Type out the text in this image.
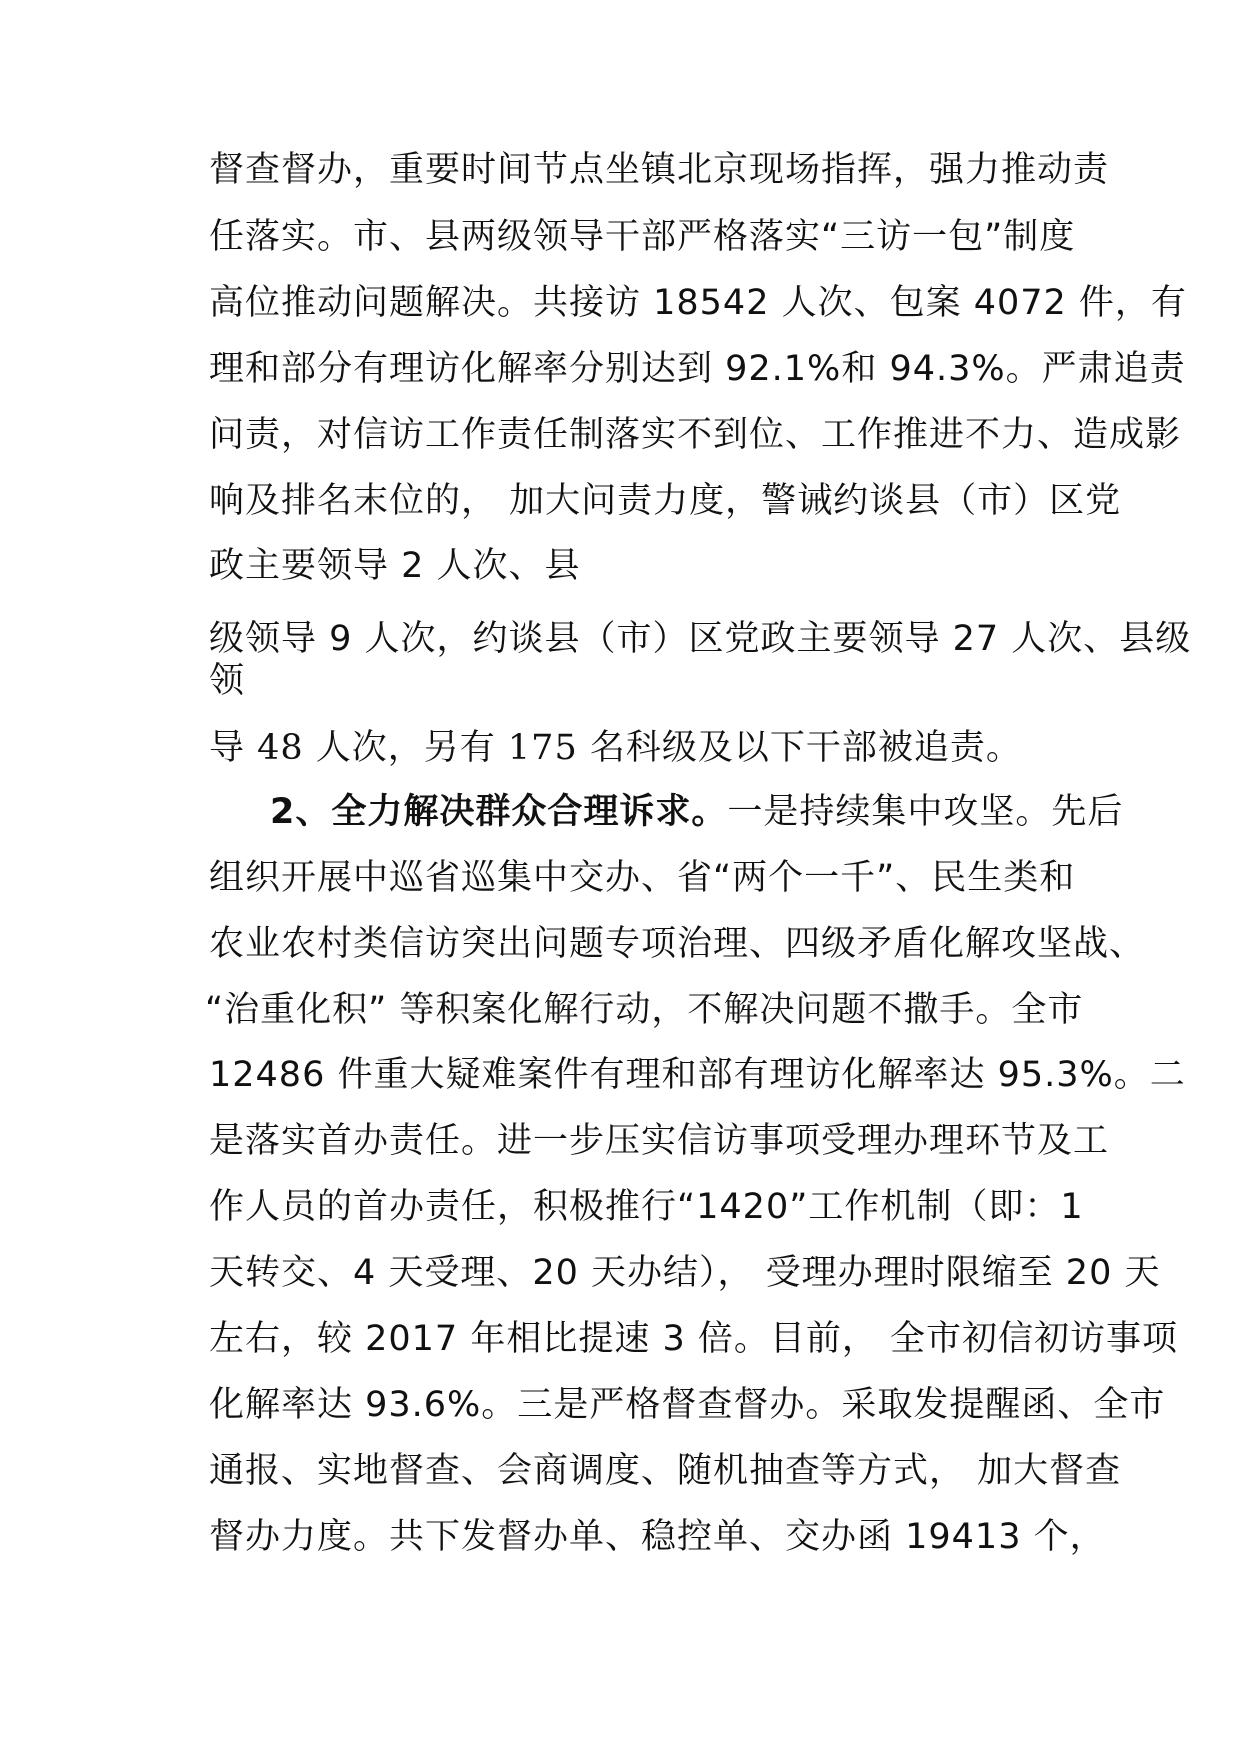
督查督办，重要时间节点坐镇北京现场指挥，强力推动责
任落实。市、县两级领导干部严格落实“三访一包”制度
高位推动问题解决。共接访 18542 人次、包案 4072 件，有
理和部分有理访化解率分别达到 92.1%和 94.3%。严肃追责
问责，对信访工作责任制落实不到位、工作推进不力、造成影
响及排名末位的， 加大问责力度，警诫约谈县（市）区党
政主要领导 2 人次、县
级领导 9 人次，约谈县（市）区党政主要领导 27 人次、县级
领
导 48 人次，另有 175 名科级及以下干部被追责。
2、全力解决群众合理诉求。一是持续集中攻坚。先后
组织开展中巡省巡集中交办、省“两个一千”、民生类和
农业农村类信访突出问题专项治理、四级矛盾化解攻坚战、
“治重化积” 等积案化解行动，不解决问题不撒手。全市
12486 件重大疑难案件有理和部有理访化解率达 95.3%。二
是落实首办责任。进一步压实信访事项受理办理环节及工
作人员的首办责任，积极推行“1420”工作机制（即：1
天转交、4 天受理、20 天办结）， 受理办理时限缩至 20 天
左右，较 2017 年相比提速 3 倍。目前， 全市初信初访事项
化解率达 93.6%。三是严格督查督办。采取发提醒函、全市
通报、实地督查、会商调度、随机抽查等方式， 加大督查
督办力度。共下发督办单、稳控单、交办函 19413 个，
